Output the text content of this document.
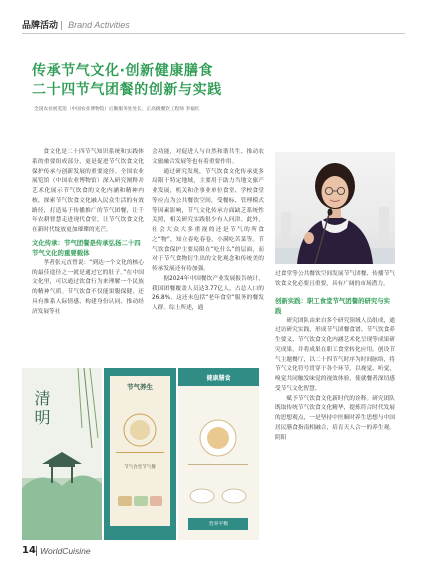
品牌活动 | Brand Activities
传承节气文化·创新健康膳食
二十四节气团餐的创新与实践
全国农业展览馆（中国农业博物馆）后勤服务处处长、正高级餐饮工程师 李福红

食文化是二十四节气知识系统和实践体系的重要组成部分，更是促进节气饮食文化保护传承与创新发展的重要途径。全国农业展览馆（中国农业博物馆）深入研究阐释并艺术化展示节气饮食的文化内涵和精神内核，探索节气饮食文化融入民众生活的有效路径，打造易于传播推广的节气团餐，让千年农耕智慧走进现代食堂，让节气饮食文化在新时代绽放更加璀璨的光芒。

文化传承：节气团餐是传承弘扬二十四节气文化的重要载体

孝者张元直曾说：“到达一个文化的核心的最佳途径之一就是通过它的肚子。”在中国文化里，可以通过饮食行为来理解一个民族的精神气质。节气饮食不仅能果腹保健，还具有推系人际情感、构建身份认同、推动经济发展等社

会功能，对促进人与自然和谐共生、推动农文旅融合发展等也有着重要作用。

通过研究发现，节气饮食文化传承更多局限于特定地域，主要用于助力当地文旅产业发展，机关和企事业单位食堂、学校食堂等应点为公共餐饮空间，受餐标、管理模式等因素影响，节气文化传承方面缺乏系统性关照，相关研究实践很少有人问津。此外，社会大众大多重视的还是节气的所食之“物”，知立春吃春卷，小满吃苦菜等。节气饮食保护主要局限在“吃什么”的层面，而对于节气食物衍生出的文化观念和传统美的传承发展还有待加强。

据2024年中国餐饮产业发展报告统计，我国团餐覆盖人员达3.77亿人，占总人口的26.8%，这还未包括“老年食堂”服务的餐发人群。综上所述，通

过食堂等公共餐饮空间发展节气团餐、传播节气饮食文化必要且重要，具有广阔的市场潜力。

创新实践：职工食堂节气团餐的研究与实践

研究团队由来自多个研究领域人员组成，通过访研究实践，形成节气团餐食谱、节气饮食养生要义、节气饮食文化内涵艺术化呈现等成果研究成果，并将成果在职工食堂转化应用。创设节气主题餐厅，以二十四节气时序为时间脉络，将节气文化符号贯穿于各个环节，以视觉、听觉、嗅觉共同触发味觉的视效体验，使就餐者深切感受节气文化智慧。

赋予节气饮食文化新时代的诠释。研究团队既取传统节气饮食文化精华，提炼符合时代发展的思想观点，一是坚持中医顺时养生思想与中国居民膳食指南相融合，培育天人合一的养生观。阴阳

清明
节气养生
节气食堂节气餐
健康膳食
营养平衡
14 WorldCuisine
